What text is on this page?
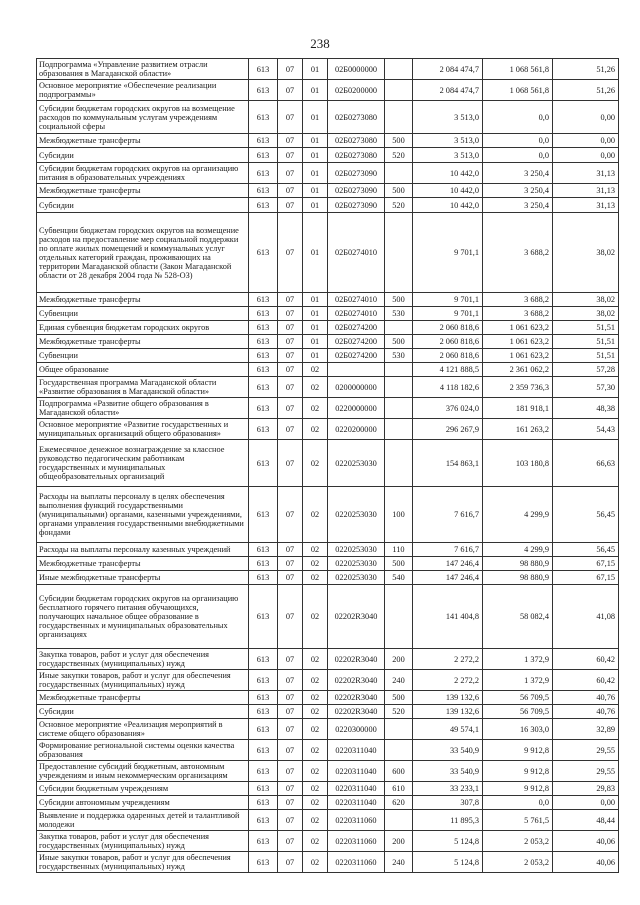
238
Подпрограмма «Управление развитием отрасли образования в Магаданской области»	613	07	01	02Б0000000		2 084 474,7	1 068 561,8	51,26
Основное мероприятие «Обеспечение реализации подпрограммы»	613	07	01	02Б0200000		2 084 474,7	1 068 561,8	51,26
Субсидии бюджетам городских округов на возмещение расходов по коммунальным услугам учреждениям социальной сферы	613	07	01	02Б0273080		3 513,0	0,0	0,00
Межбюджетные трансферты	613	07	01	02Б0273080	500	3 513,0	0,0	0,00
Субсидии	613	07	01	02Б0273080	520	3 513,0	0,0	0,00
Субсидии бюджетам городских округов на организацию питания в образовательных учреждениях	613	07	01	02Б0273090		10 442,0	3 250,4	31,13
Межбюджетные трансферты	613	07	01	02Б0273090	500	10 442,0	3 250,4	31,13
Субсидии	613	07	01	02Б0273090	520	10 442,0	3 250,4	31,13
Субвенции бюджетам городских округов на возмещение расходов на предоставление мер социальной поддержки по оплате жилых помещений и коммунальных услуг отдельных категорий граждан, проживающих на территории Магаданской области (Закон Магаданской области от 28 декабря 2004 года № 528-ОЗ)	613	07	01	02Б0274010		9 701,1	3 688,2	38,02
Межбюджетные трансферты	613	07	01	02Б0274010	500	9 701,1	3 688,2	38,02
Субвенции	613	07	01	02Б0274010	530	9 701,1	3 688,2	38,02
Единая субвенция бюджетам городских округов	613	07	01	02Б0274200		2 060 818,6	1 061 623,2	51,51
Межбюджетные трансферты	613	07	01	02Б0274200	500	2 060 818,6	1 061 623,2	51,51
Субвенции	613	07	01	02Б0274200	530	2 060 818,6	1 061 623,2	51,51
Общее образование	613	07	02			4 121 888,5	2 361 062,2	57,28
Государственная программа Магаданской области «Развитие образования в Магаданской области»	613	07	02	0200000000		4 118 182,6	2 359 736,3	57,30
Подпрограмма «Развитие общего образования в Магаданской области»	613	07	02	0220000000		376 024,0	181 918,1	48,38
Основное мероприятие «Развитие государственных и муниципальных организаций общего образования»	613	07	02	0220200000		296 267,9	161 263,2	54,43
Ежемесячное денежное вознаграждение за классное руководство педагогическим работникам государственных и муниципальных общеобразовательных организаций	613	07	02	0220253030		154 863,1	103 180,8	66,63
Расходы на выплаты персоналу в целях обеспечения выполнения функций государственными (муниципальными) органами, казенными учреждениями, органами управления государственными внебюджетными фондами	613	07	02	0220253030	100	7 616,7	4 299,9	56,45
Расходы на выплаты персоналу казенных учреждений	613	07	02	0220253030	110	7 616,7	4 299,9	56,45
Межбюджетные трансферты	613	07	02	0220253030	500	147 246,4	98 880,9	67,15
Иные межбюджетные трансферты	613	07	02	0220253030	540	147 246,4	98 880,9	67,15
Субсидии бюджетам городских округов на организацию бесплатного горячего питания обучающихся, получающих начальное общее образование в государственных и муниципальных образовательных организациях	613	07	02	02202R3040		141 404,8	58 082,4	41,08
Закупка товаров, работ и услуг для обеспечения государственных (муниципальных) нужд	613	07	02	02202R3040	200	2 272,2	1 372,9	60,42
Иные закупки товаров, работ и услуг для обеспечения государственных (муниципальных) нужд	613	07	02	02202R3040	240	2 272,2	1 372,9	60,42
Межбюджетные трансферты	613	07	02	02202R3040	500	139 132,6	56 709,5	40,76
Субсидии	613	07	02	02202R3040	520	139 132,6	56 709,5	40,76
Основное мероприятие «Реализация мероприятий в системе общего образования»	613	07	02	0220300000		49 574,1	16 303,0	32,89
Формирование региональной системы оценки качества образования	613	07	02	0220311040		33 540,9	9 912,8	29,55
Предоставление субсидий бюджетным, автономным учреждениям и иным некоммерческим организациям	613	07	02	0220311040	600	33 540,9	9 912,8	29,55
Субсидии бюджетным учреждениям	613	07	02	0220311040	610	33 233,1	9 912,8	29,83
Субсидии автономным учреждениям	613	07	02	0220311040	620	307,8	0,0	0,00
Выявление и поддержка одаренных детей и талантливой молодежи	613	07	02	0220311060		11 895,3	5 761,5	48,44
Закупка товаров, работ и услуг для обеспечения государственных (муниципальных) нужд	613	07	02	0220311060	200	5 124,8	2 053,2	40,06
Иные закупки товаров, работ и услуг для обеспечения государственных (муниципальных) нужд	613	07	02	0220311060	240	5 124,8	2 053,2	40,06
